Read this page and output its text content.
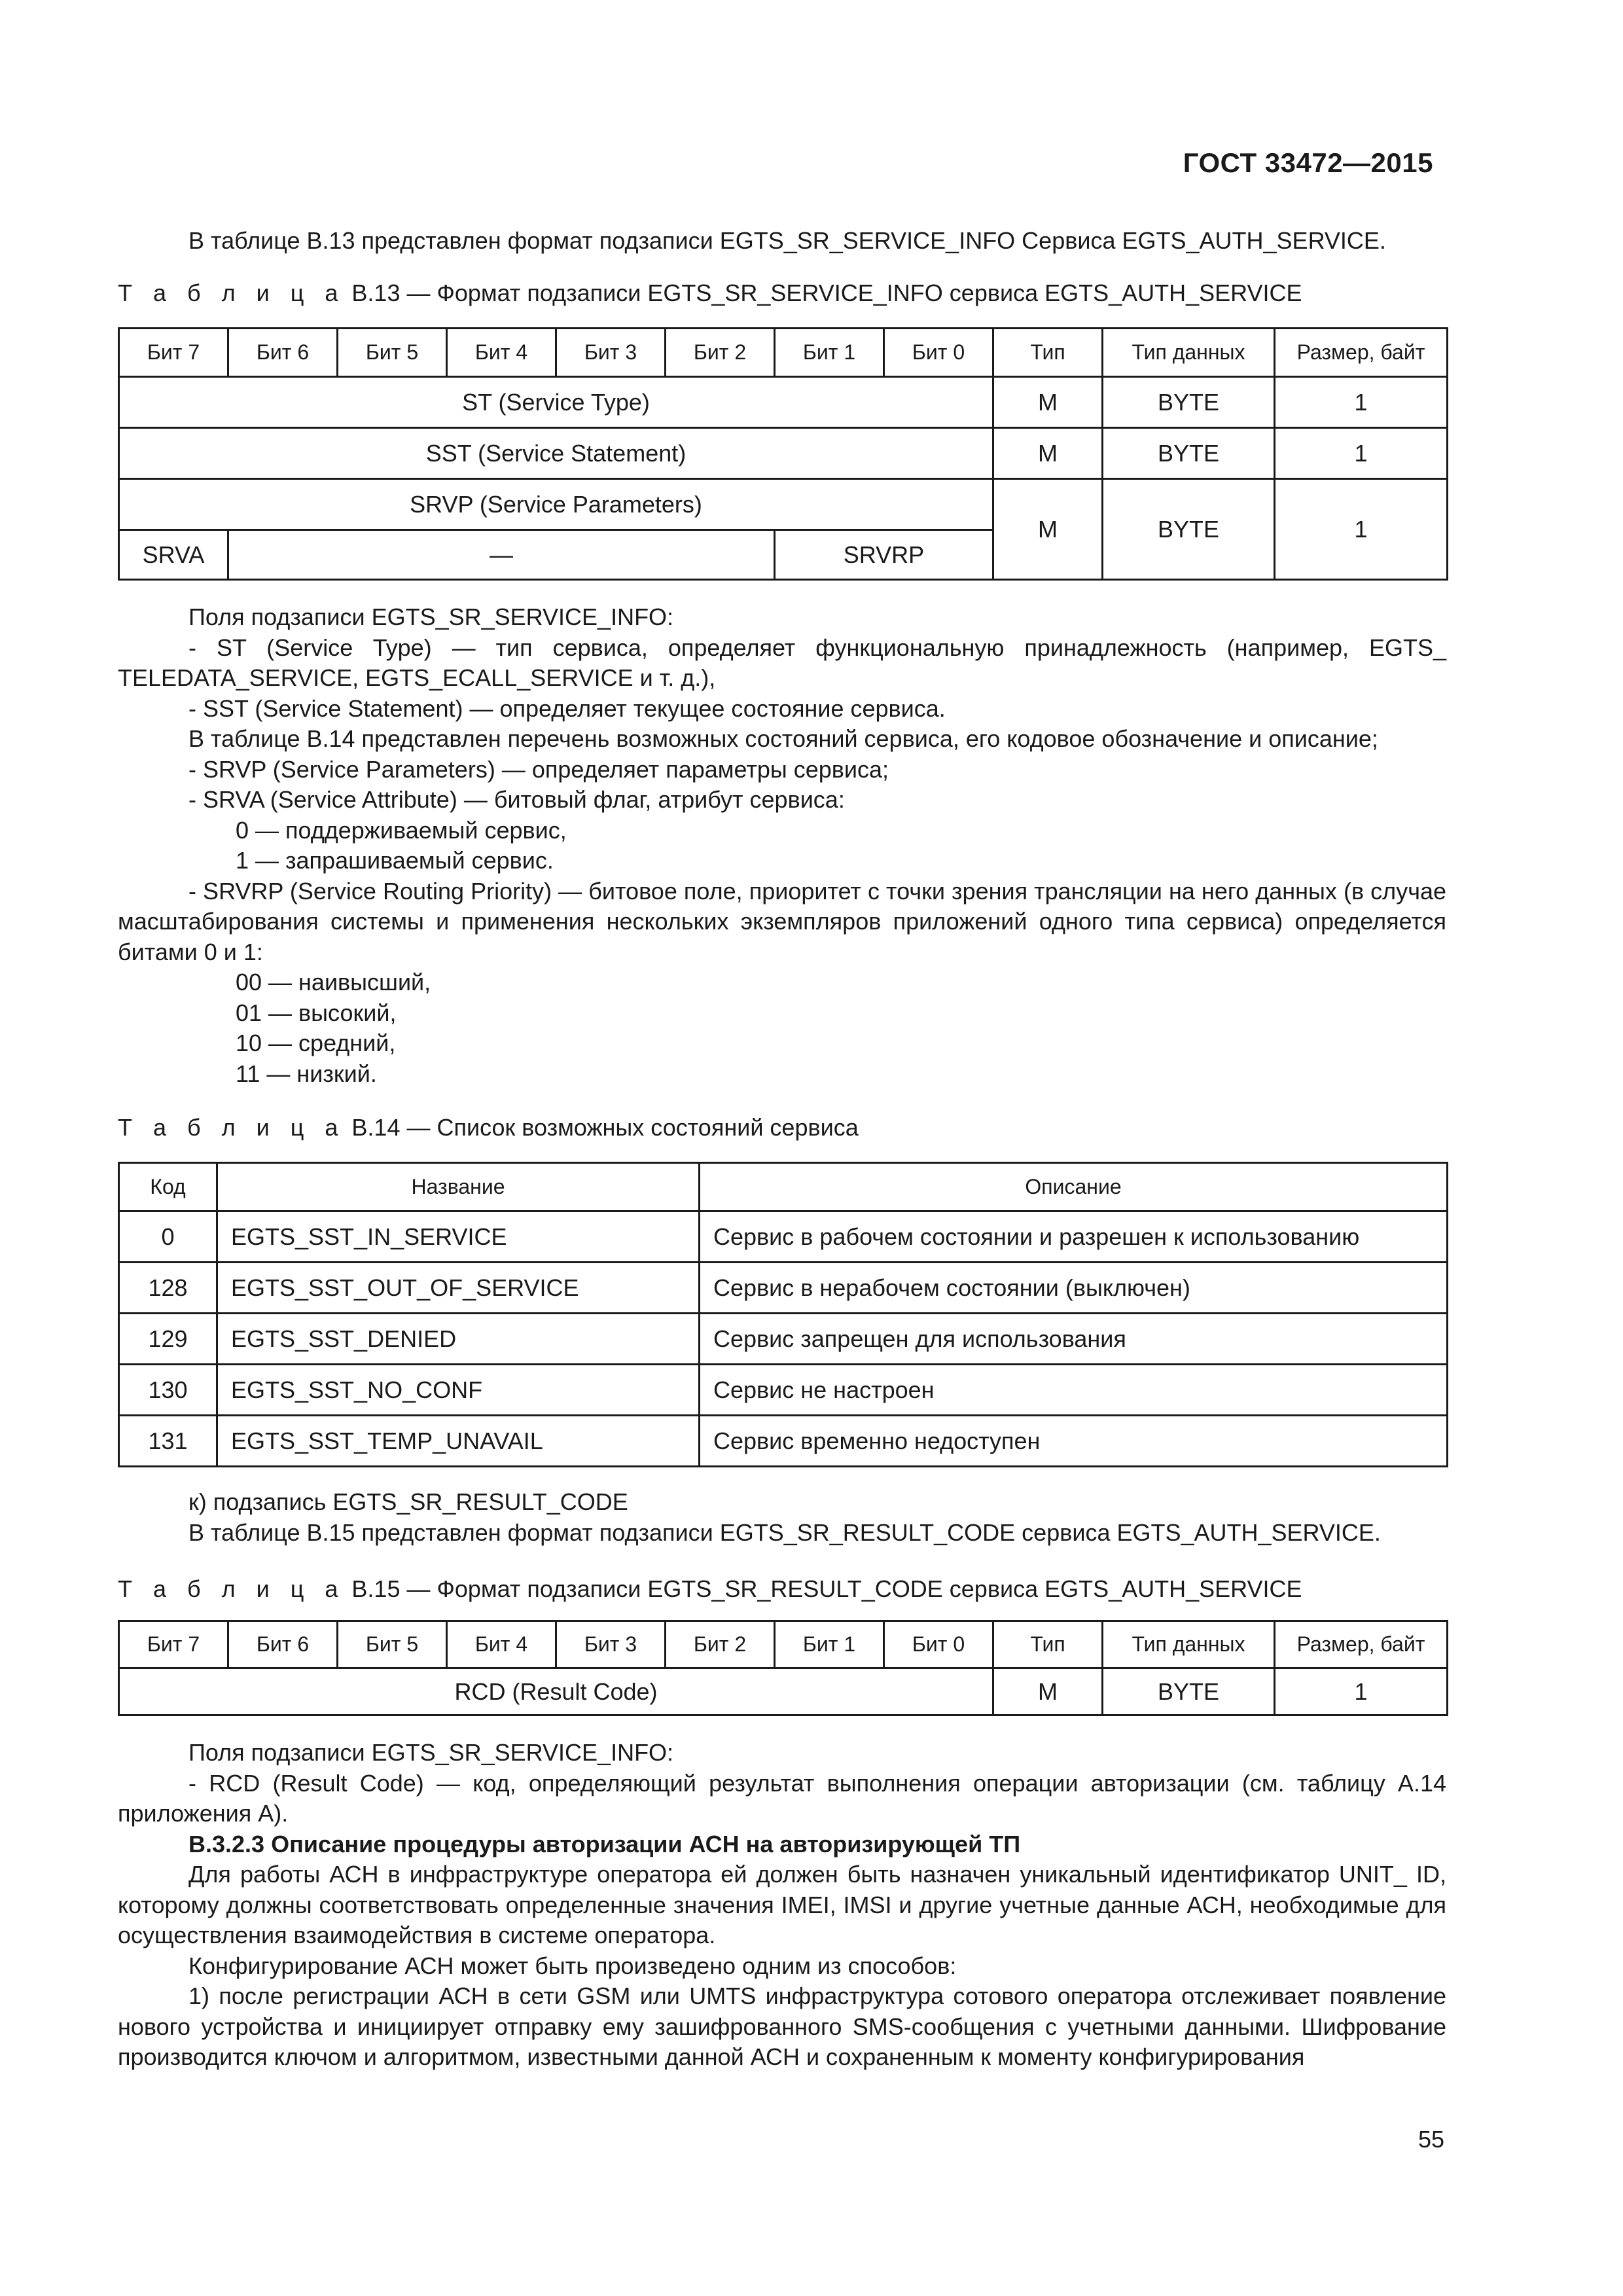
ГОСТ 33472—2015

В таблице В.13 представлен формат подзаписи EGTS_SR_SERVICE_INFO Сервиса EGTS_AUTH_SERVICE.

Т а б л и ц а В.13 — Формат подзаписи EGTS_SR_SERVICE_INFO сервиса EGTS_AUTH_SERVICE

Бит 7	Бит 6	Бит 5	Бит 4	Бит 3	Бит 2	Бит 1	Бит 0	Тип	Тип данных	Размер, байт
ST (Service Type)								M	BYTE	1
SST (Service Statement)								M	BYTE	1
SRVP (Service Parameters)								M	BYTE	1
SRVA	—					SRVRP				

Поля подзаписи EGTS_SR_SERVICE_INFO:

- ST (Service Type) — тип сервиса, определяет функциональную принадлежность (например, EGTS_ TELEDATA_SERVICE, EGTS_ECALL_SERVICE и т. д.),

- SST (Service Statement) — определяет текущее состояние сервиса.

В таблице В.14 представлен перечень возможных состояний сервиса, его кодовое обозначение и описание;

- SRVP (Service Parameters) — определяет параметры сервиса;

- SRVA (Service Attribute) — битовый флаг, атрибут сервиса:

0 — поддерживаемый сервис,

1 — запрашиваемый сервис.

- SRVRP (Service Routing Priority) — битовое поле, приоритет с точки зрения трансляции на него данных (в случае масштабирования системы и применения нескольких экземпляров приложений одного типа сервиса) определяется битами 0 и 1:

00 — наивысший,

01 — высокий,

10 — средний,

11 — низкий.

Т а б л и ц а В.14 — Список возможных состояний сервиса

Код	Название	Описание
0	EGTS_SST_IN_SERVICE	Сервис в рабочем состоянии и разрешен к использованию
128	EGTS_SST_OUT_OF_SERVICE	Сервис в нерабочем состоянии (выключен)
129	EGTS_SST_DENIED	Сервис запрещен для использования
130	EGTS_SST_NO_CONF	Сервис не настроен
131	EGTS_SST_TEMP_UNAVAIL	Сервис временно недоступен

к) подзапись EGTS_SR_RESULT_CODE

В таблице В.15 представлен формат подзаписи EGTS_SR_RESULT_CODE сервиса EGTS_AUTH_SERVICE.

Т а б л и ц а В.15 — Формат подзаписи EGTS_SR_RESULT_CODE сервиса EGTS_AUTH_SERVICE

Бит 7	Бит 6	Бит 5	Бит 4	Бит 3	Бит 2	Бит 1	Бит 0	Тип	Тип данных	Размер, байт
RCD (Result Code)								M	BYTE	1

Поля подзаписи EGTS_SR_SERVICE_INFO:

- RCD (Result Code) — код, определяющий результат выполнения операции авторизации (см. таблицу А.14 приложения А).

В.3.2.3 Описание процедуры авторизации АСН на авторизирующей ТП

Для работы АСН в инфраструктуре оператора ей должен быть назначен уникальный идентификатор UNIT_ ID, которому должны соответствовать определенные значения IMEI, IMSI и другие учетные данные АСН, необходимые для осуществления взаимодействия в системе оператора.

Конфигурирование АСН может быть произведено одним из способов:

1) после регистрации АСН в сети GSM или UMTS инфраструктура сотового оператора отслеживает появление нового устройства и инициирует отправку ему зашифрованного SMS-сообщения с учетными данными. Шифрование производится ключом и алгоритмом, известными данной АСН и сохраненным к моменту конфигурирования

55
